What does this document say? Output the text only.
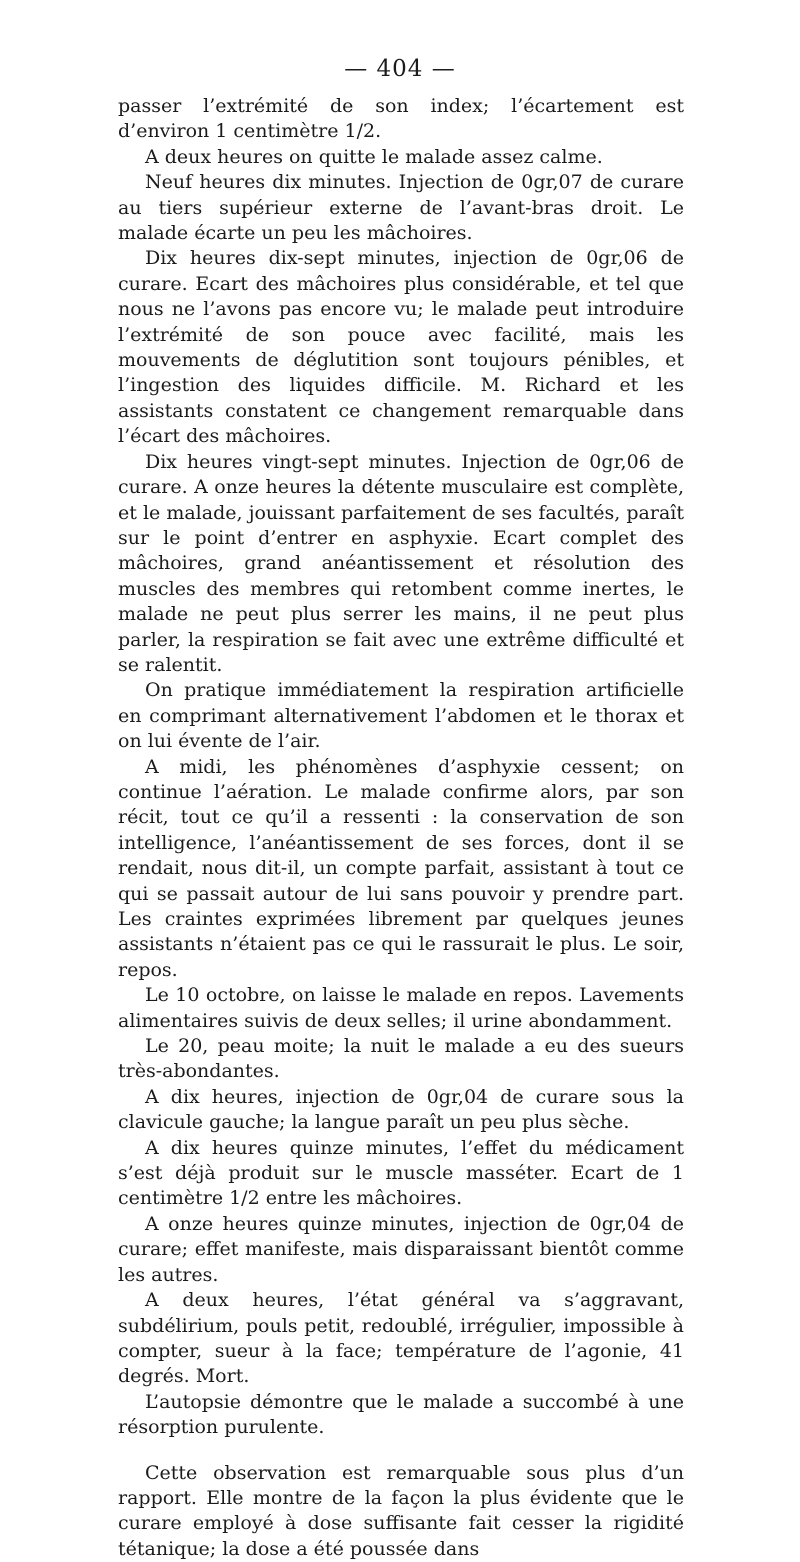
— 404 —

passer l’extrémité de son index; l’écartement est d’environ 1 centimètre 1/2.

A deux heures on quitte le malade assez calme.

Neuf heures dix minutes. Injection de 0gr,07 de curare au tiers supérieur externe de l’avant-bras droit. Le malade écarte un peu les mâchoires.

Dix heures dix-sept minutes, injection de 0gr,06 de curare. Ecart des mâchoires plus considérable, et tel que nous ne l’avons pas encore vu; le malade peut introduire l’extrémité de son pouce avec facilité, mais les mouvements de déglutition sont toujours pénibles, et l’ingestion des liquides difficile. M. Richard et les assistants constatent ce changement remarquable dans l’écart des mâchoires.

Dix heures vingt-sept minutes. Injection de 0gr,06 de curare. A onze heures la détente musculaire est complète, et le malade, jouissant parfaitement de ses facultés, paraît sur le point d’entrer en asphyxie. Ecart complet des mâchoires, grand anéantissement et résolution des muscles des membres qui retombent comme inertes, le malade ne peut plus serrer les mains, il ne peut plus parler, la respiration se fait avec une extrême difficulté et se ralentit.

On pratique immédiatement la respiration artificielle en comprimant alternativement l’abdomen et le thorax et on lui évente de l’air.

A midi, les phénomènes d’asphyxie cessent; on continue l’aération. Le malade confirme alors, par son récit, tout ce qu’il a ressenti : la conservation de son intelligence, l’anéantissement de ses forces, dont il se rendait, nous dit-il, un compte parfait, assistant à tout ce qui se passait autour de lui sans pouvoir y prendre part. Les craintes exprimées librement par quelques jeunes assistants n’étaient pas ce qui le rassurait le plus. Le soir, repos.

Le 10 octobre, on laisse le malade en repos. Lavements alimentaires suivis de deux selles; il urine abondamment.

Le 20, peau moite; la nuit le malade a eu des sueurs très-abondantes.

A dix heures, injection de 0gr,04 de curare sous la clavicule gauche; la langue paraît un peu plus sèche.

A dix heures quinze minutes, l’effet du médicament s’est déjà produit sur le muscle masséter. Ecart de 1 centimètre 1/2 entre les mâchoires.

A onze heures quinze minutes, injection de 0gr,04 de curare; effet manifeste, mais disparaissant bientôt comme les autres.

A deux heures, l’état général va s’aggravant, subdélirium, pouls petit, redoublé, irrégulier, impossible à compter, sueur à la face; température de l’agonie, 41 degrés. Mort.

L’autopsie démontre que le malade a succombé à une résorption purulente.

Cette observation est remarquable sous plus d’un rapport. Elle montre de la façon la plus évidente que le curare employé à dose suffisante fait cesser la rigidité tétanique; la dose a été poussée dans
